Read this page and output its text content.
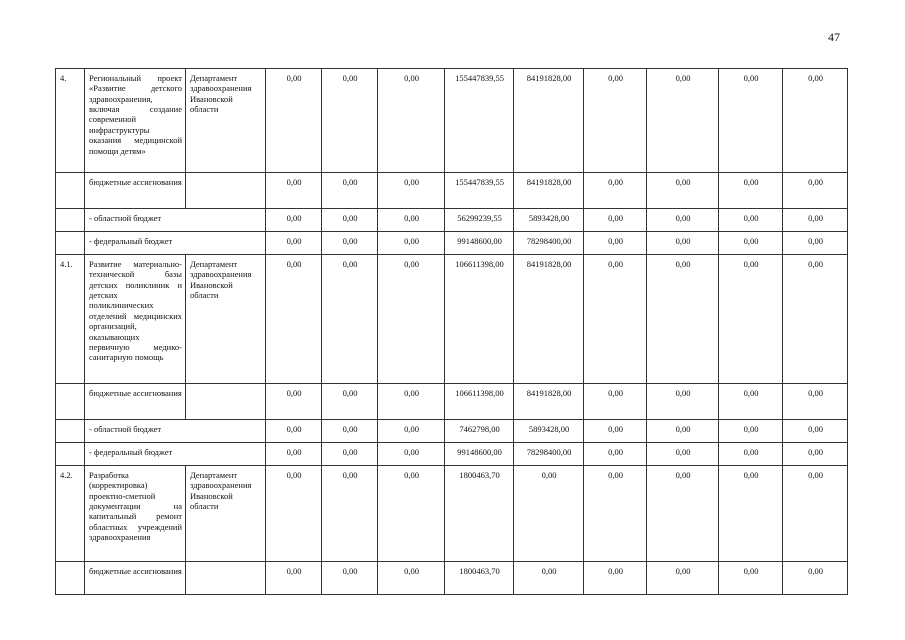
47
4.	Региональный проект «Развитие детского здравоохранения, включая создание современной инфраструктуры оказания медицинской помощи детям»	Департамент здравоохранения Ивановской области	0,00	0,00	0,00	155447839,55	84191828,00	0,00	0,00	0,00	0,00
	бюджетные ассигнования		0,00	0,00	0,00	155447839,55	84191828,00	0,00	0,00	0,00	0,00
	- областной бюджет		0,00	0,00	0,00	56299239,55	5893428,00	0,00	0,00	0,00	0,00
	- федеральный бюджет		0,00	0,00	0,00	99148600,00	78298400,00	0,00	0,00	0,00	0,00
4.1.	Развитие материально-технической базы детских поликлиник и детских поликлинических отделений медицинских организаций, оказывающих первичную медико-санитарную помощь	Департамент здравоохранения Ивановской области	0,00	0,00	0,00	106611398,00	84191828,00	0,00	0,00	0,00	0,00
	бюджетные ассигнования		0,00	0,00	0,00	106611398,00	84191828,00	0,00	0,00	0,00	0,00
	- областной бюджет		0,00	0,00	0,00	7462798,00	5893428,00	0,00	0,00	0,00	0,00
	- федеральный бюджет		0,00	0,00	0,00	99148600,00	78298400,00	0,00	0,00	0,00	0,00
4.2.	Разработка (корректировка) проектно-сметной документации на капитальный ремонт областных учреждений здравоохранения	Департамент здравоохранения Ивановской области	0,00	0,00	0,00	1800463,70	0,00	0,00	0,00	0,00	0,00
	бюджетные ассигнования		0,00	0,00	0,00	1800463,70	0,00	0,00	0,00	0,00	0,00
